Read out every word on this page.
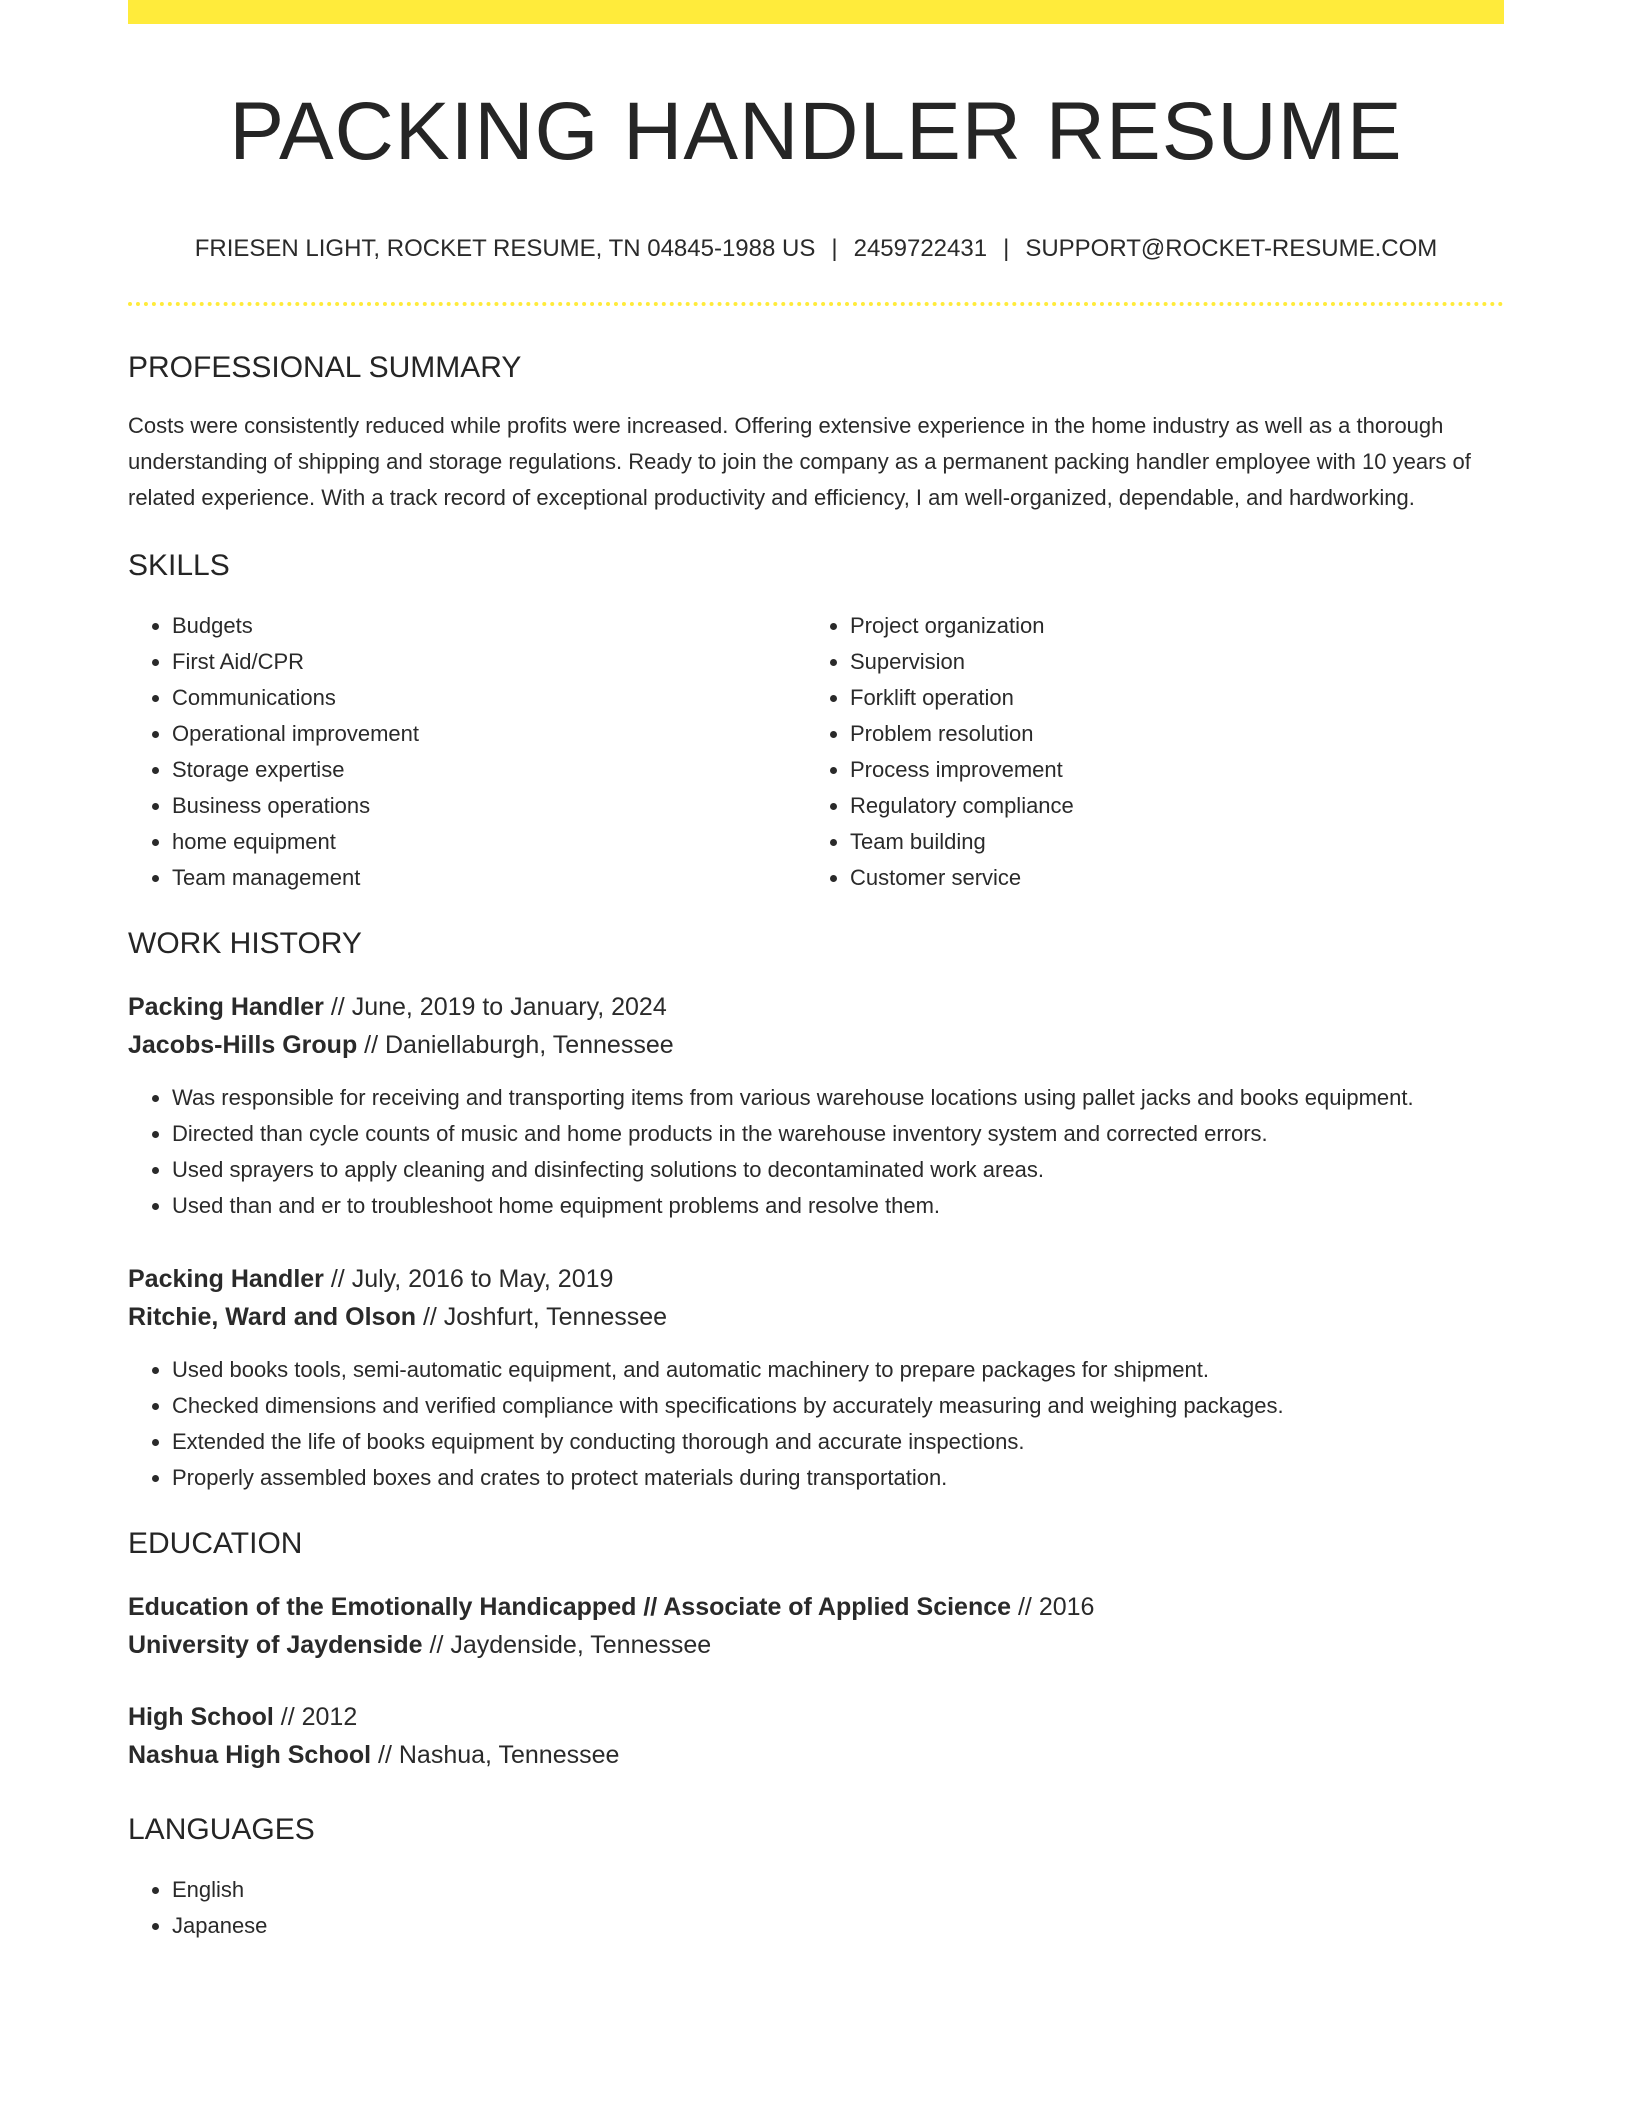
PACKING HANDLER RESUME
FRIESEN LIGHT, ROCKET RESUME, TN 04845-1988 US | 2459722431 | SUPPORT@ROCKET-RESUME.COM
PROFESSIONAL SUMMARY

Costs were consistently reduced while profits were increased. Offering extensive experience in the home industry as well as a thorough understanding of shipping and storage regulations. Ready to join the company as a permanent packing handler employee with 10 years of related experience. With a track record of exceptional productivity and efficiency, I am well-organized, dependable, and hardworking.

SKILLS
• Budgets
• First Aid/CPR
• Communications
• Operational improvement
• Storage expertise
• Business operations
• home equipment
• Team management
• Project organization
• Supervision
• Forklift operation
• Problem resolution
• Process improvement
• Regulatory compliance
• Team building
• Customer service
WORK HISTORY
Packing Handler // June, 2019 to January, 2024
Jacobs-Hills Group // Daniellaburgh, Tennessee
• Was responsible for receiving and transporting items from various warehouse locations using pallet jacks and books equipment.
• Directed than cycle counts of music and home products in the warehouse inventory system and corrected errors.
• Used sprayers to apply cleaning and disinfecting solutions to decontaminated work areas.
• Used than and er to troubleshoot home equipment problems and resolve them.
Packing Handler // July, 2016 to May, 2019
Ritchie, Ward and Olson // Joshfurt, Tennessee
• Used books tools, semi-automatic equipment, and automatic machinery to prepare packages for shipment.
• Checked dimensions and verified compliance with specifications by accurately measuring and weighing packages.
• Extended the life of books equipment by conducting thorough and accurate inspections.
• Properly assembled boxes and crates to protect materials during transportation.
EDUCATION
Education of the Emotionally Handicapped // Associate of Applied Science // 2016
University of Jaydenside // Jaydenside, Tennessee
High School // 2012
Nashua High School // Nashua, Tennessee
LANGUAGES
• English
• Japanese
